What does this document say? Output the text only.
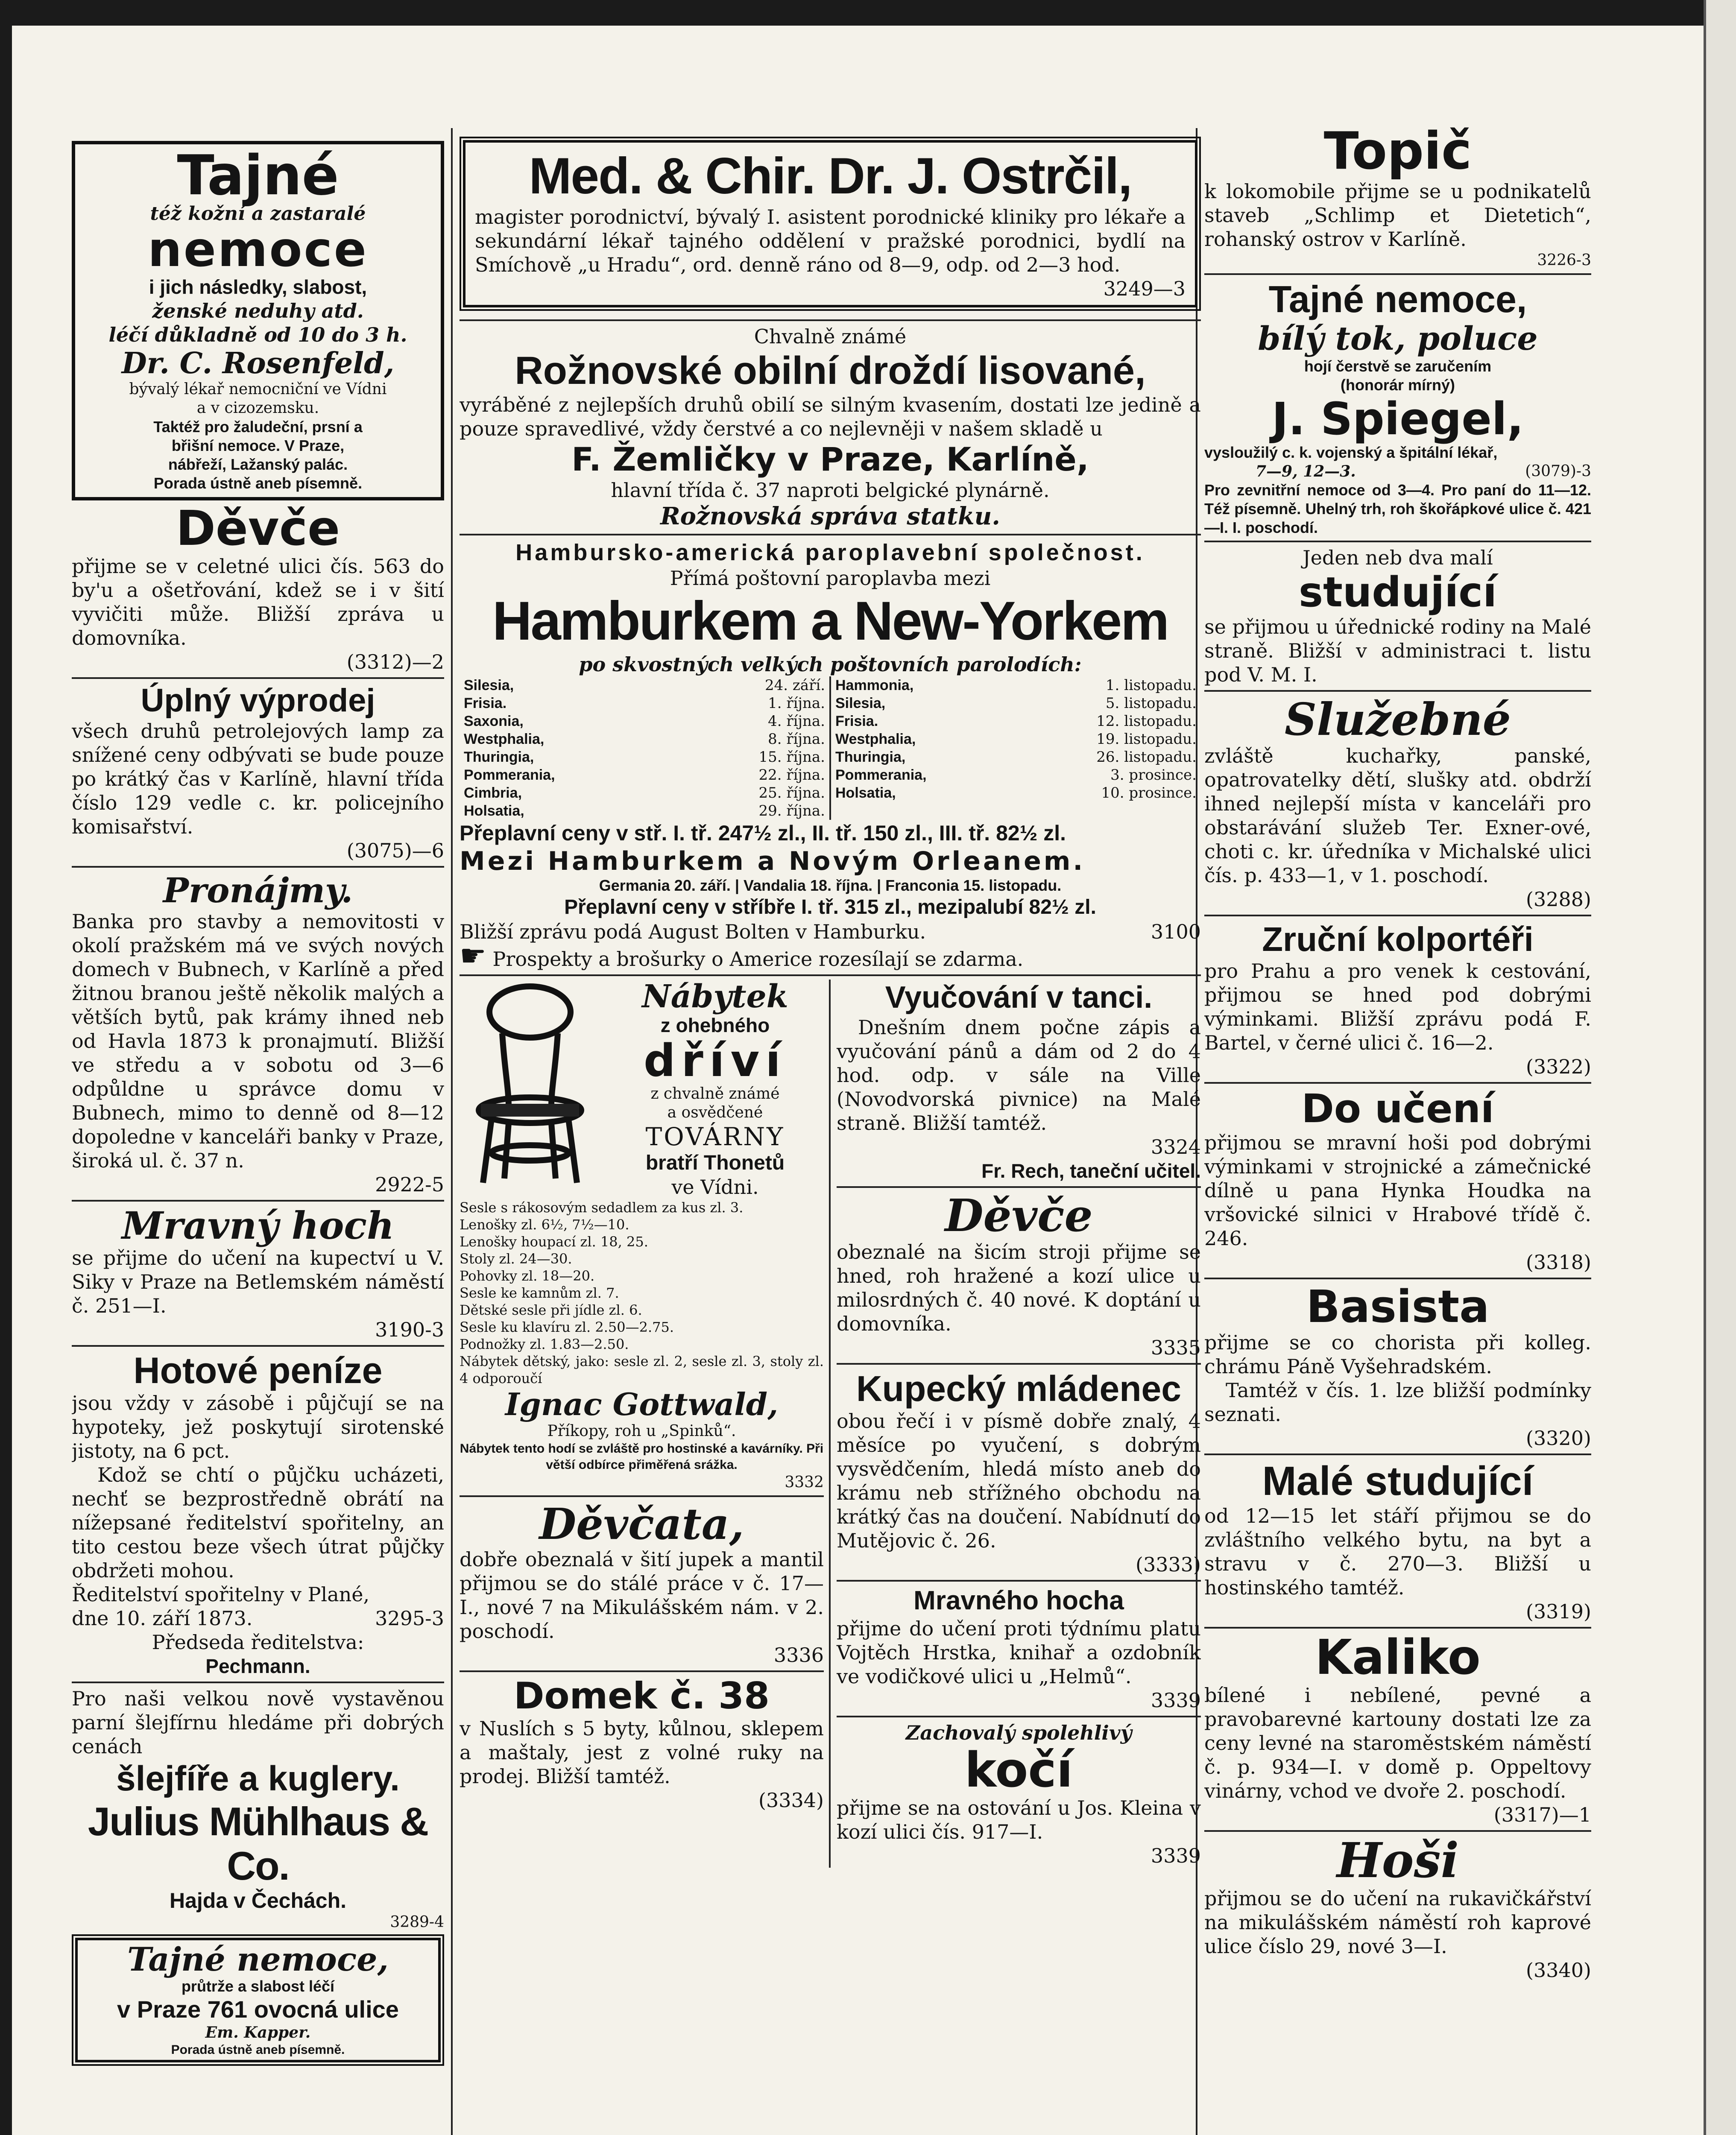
Tajné
též kožní a zastaralé
nemoce
i jich následky, slabost,
ženské neduhy atd.
léčí důkladně od 10 do 3 h.
Dr. C. Rosenfeld,
bývalý lékař nemocniční ve Vídni
a v cizozemsku.
Taktéž pro žaludeční, prsní a
břišní nemoce. V Praze,
nábřeží, Lažanský palác.
Porada ústně aneb písemně.
Děvče

přijme se v celetné ulici čís. 563 do by'u a ošetřování, kdež se i v šití vyvičiti může. Bližší zpráva u domovníka.

(3312)—2
Úplný výprodej

všech druhů petrolejových lamp za snížené ceny odbývati se bude pouze po krátký čas v Karlíně, hlavní třída číslo 129 vedle c. kr. policejního komisařství.

(3075)—6
Pronájmy.

Banka pro stavby a nemovitosti v okolí pražském má ve svých nových domech v Bubnech, v Karlíně a před žitnou branou ještě několik malých a větších bytů, pak krámy ihned neb od Havla 1873 k pronajmutí. Bližší ve středu a v sobotu od 3—6 odpůldne u správce domu v Bubnech, mimo to denně od 8—12 dopoledne v kanceláři banky v Praze, široká ul. č. 37 n.

2922-5
Mravný hoch

se přijme do učení na kupectví u V. Siky v Praze na Betlemském náměstí č. 251—I.

3190-3
Hotové peníze

jsou vždy v zásobě i půjčují se na hypoteky, jež poskytují sirotenské jistoty, na 6 pct.

Kdož se chtí o půjčku ucházeti, nechť se bezprostředně obrátí na nížepsané ředitelství spořitelny, an tito cestou beze všech útrat půjčky obdržeti mohou.

Ředitelství spořitelny v Plané,
dne 10. září 1873.	3295-3
Předseda ředitelstva:
Pechmann.

Pro naši velkou nově vystavěnou parní šlejfírnu hledáme při dobrých cenách

šlejfíře a kuglery.
Julius Mühlhaus & Co.
Hajda v Čechách.
3289-4
Tajné nemoce,
průtrže a slabost léčí
v Praze 761 ovocná ulice
Em. Kapper.
Porada ústně aneb písemně.
Med. & Chir. Dr. J. Ostrčil,

magister porodnictví, bývalý I. asistent porodnické kliniky pro lékaře a sekundární lékař tajného oddělení v pražské porodnici, bydlí na Smíchově „u Hradu“, ord. denně ráno od 8—9, odp. od 2—3 hod.

3249—3
Chvalně známé
Rožnovské obilní droždí lisované,

vyráběné z nejlepších druhů obilí se silným kvasením, dostati lze jedině a pouze spravedlivé, vždy čerstvé a co nejlevněji v našem skladě u

F. Žemličky v Praze, Karlíně,
hlavní třída č. 37 naproti belgické plynárně.
Rožnovská správa statku.
Hambursko-americká paroplavební společnost.
Přímá poštovní paroplavba mezi
Hamburkem a New-Yorkem
po skvostných velkých poštovních parolodích:
Silesia,	24. září.
Frisia.	1. října.
Saxonia,	4. října.
Westphalia,	8. října.
Thuringia,	15. října.
Pommerania,	22. října.
Cimbria,	25. října.
Holsatia,	29. října.
Hammonia,	1. listopadu.
Silesia,	5. listopadu.
Frisia.	12. listopadu.
Westphalia,	19. listopadu.
Thuringia,	26. listopadu.
Pommerania,	3. prosince.
Holsatia,	10. prosince.
Přeplavní ceny v stř. I. tř. 247½ zl., II. tř. 150 zl., III. tř. 82½ zl.
Mezi Hamburkem a Novým Orleanem.
Germania 20. září. | Vandalia 18. října. | Franconia 15. listopadu.
Přeplavní ceny v stříbře I. tř. 315 zl., mezipalubí 82½ zl.
Bližší zprávu podá August Bolten v Hamburku.	3100
☛ Prospekty a brošurky o Americe rozesílají se zdarma.
Nábytek
z ohebného
dříví
z chvalně známé
a osvědčené
TOVÁRNY
bratří Thonetů
ve Vídni.
Sesle s rákosovým sedadlem za kus zl. 3.
Lenošky zl. 6½, 7½—10.
Lenošky houpací zl. 18, 25.
Stoly zl. 24—30.
Pohovky zl. 18—20.
Sesle ke kamnům zl. 7.
Dětské sesle při jídle zl. 6.
Sesle ku klavíru zl. 2.50—2.75.
Podnožky zl. 1.83—2.50.
Nábytek dětský, jako: sesle zl. 2, sesle zl. 3, stoly zl. 4 odporoučí
Ignac Gottwald,
Příkopy, roh u „Spinků“.

Nábytek tento hodí se zvláště pro hostinské a kavárníky. Při větší odbírce přiměřená srážka.

3332
Děvčata,

dobře obeznalá v šití jupek a mantil přijmou se do stálé práce v č. 17—I., nové 7 na Mikulášském nám. v 2. poschodí.

3336
Domek č. 38

v Nuslích s 5 byty, kůlnou, sklepem a maštaly, jest z volné ruky na prodej. Bližší tamtéž.

(3334)
Vyučování v tanci.

Dnešním dnem počne zápis a vyučování pánů a dám od 2 do 4 hod. odp. v sále na Ville (Novodvorská pivnice) na Malé straně. Bližší tamtéž.

3324
Fr. Rech, taneční učitel.
Děvče

obeznalé na šicím stroji přijme se hned, roh hražené a kozí ulice u milosrdných č. 40 nové. K doptání u domovníka.

3335
Kupecký mládenec

obou řečí i v písmě dobře znalý, 4 měsíce po vyučení, s dobrým vysvědčením, hledá místo aneb do krámu neb střížného obchodu na krátký čas na doučení. Nabídnutí do Mutějovic č. 26.

(3333)
Mravného hocha

přijme do učení proti týdnímu platu Vojtěch Hrstka, knihař a ozdobník ve vodičkové ulici u „Helmů“.

3339
Zachovalý spolehlivý
kočí

přijme se na ostování u Jos. Kleina v kozí ulici čís. 917—I.

3339
Topič

k lokomobile přijme se u podnikatelů staveb „Schlimp et Dietetich“, rohanský ostrov v Karlíně.

3226-3
Tajné nemoce,
bílý tok, poluce
hojí čerstvě se zaručením
(honorár mírný)
J. Spiegel,
vysloužilý c. k. vojenský a špitální lékař,
7—9, 12—3.	(3079)-3

Pro zevnitřní nemoce od 3—4. Pro paní do 11—12. Též písemně. Uhelný trh, roh škořápkové ulice č. 421—I. I. poschodí.

Jeden neb dva malí
studující

se přijmou u úřednické rodiny na Malé straně. Bližší v administraci t. listu pod V. M. I.

Služebné

zvláště kuchařky, panské, opatrovatelky dětí, slušky atd. obdrží ihned nejlepší místa v kanceláři pro obstarávání služeb Ter. Exner-ové, choti c. kr. úředníka v Michalské ulici čís. p. 433—1, v 1. poschodí.

(3288)
Zruční kolportéři

pro Prahu a pro venek k cestování, přijmou se hned pod dobrými výminkami. Bližší zprávu podá F. Bartel, v černé ulici č. 16—2.

(3322)
Do učení

přijmou se mravní hoši pod dobrými výminkami v strojnické a zámečnické dílně u pana Hynka Houdka na vršovické silnici v Hrabové třídě č. 246.

(3318)
Basista

přijme se co chorista při kolleg. chrámu Páně Vyšehradském.

Tamtéž v čís. 1. lze bližší podmínky seznati.

(3320)
Malé studující

od 12—15 let stáří přijmou se do zvláštního velkého bytu, na byt a stravu v č. 270—3. Bližší u hostinského tamtéž.

(3319)
Kaliko

bílené i nebílené, pevné a pravobarevné kartouny dostati lze za ceny levné na staroměstském náměstí č. p. 934—I. v domě p. Oppeltovy vinárny, vchod ve dvoře 2. poschodí.

(3317)—1
Hoši

přijmou se do učení na rukavičkářství na mikulášském náměstí roh kaprové ulice číslo 29, nové 3—I.

(3340)
